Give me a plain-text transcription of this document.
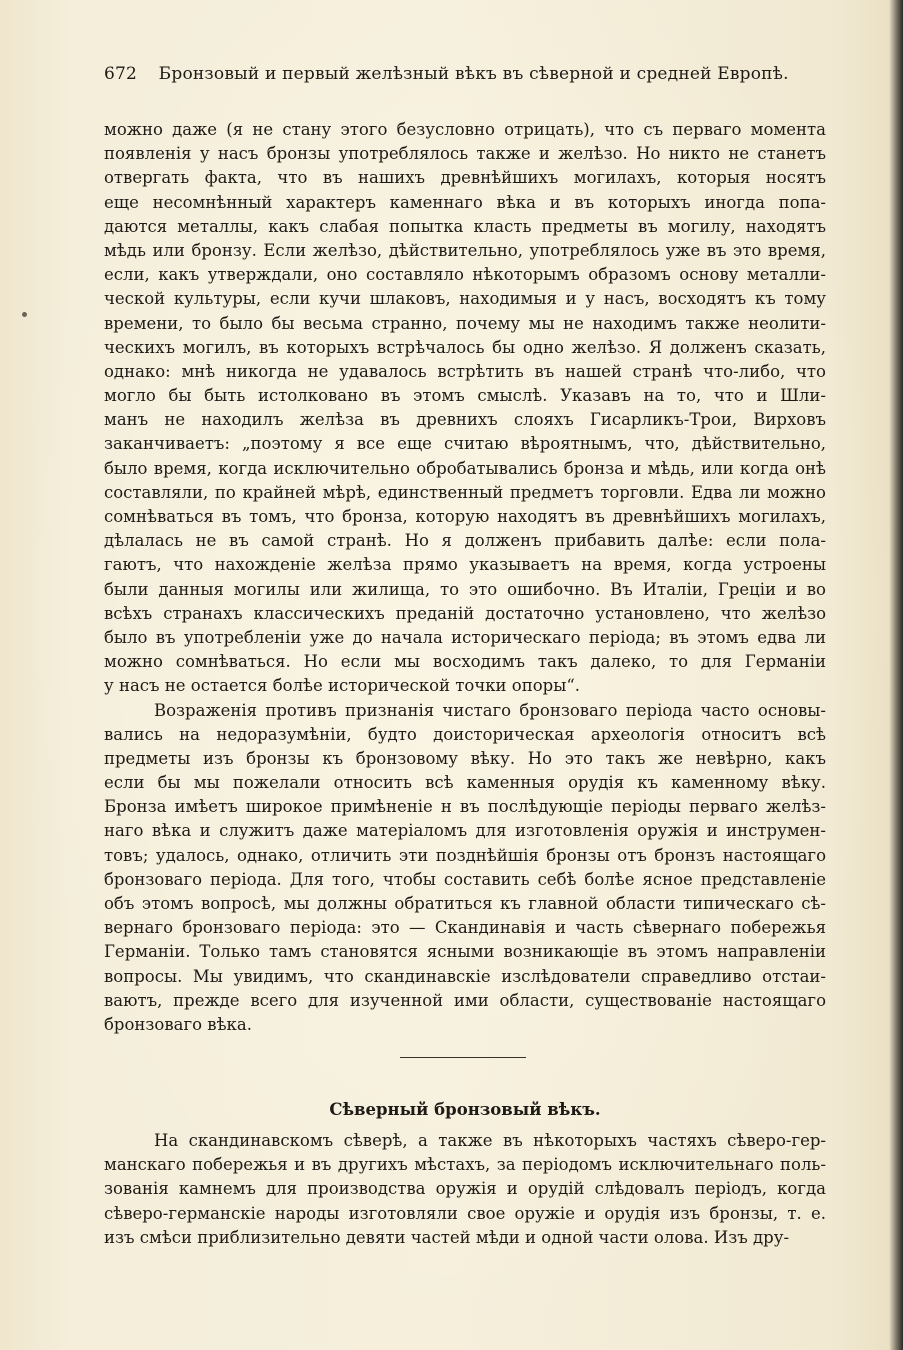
672 Бронзовый и первый желѣзный вѣкъ въ сѣверной и средней Европѣ.
можно даже (я не стану этого безусловно отрицать), что съ перваго момента
появленія у насъ бронзы употреблялось также и желѣзо. Но никто не станетъ
отвергать факта, что въ нашихъ древнѣйшихъ могилахъ, которыя носятъ
еще несомнѣнный характеръ каменнаго вѣка и въ которыхъ иногда попа-
даются металлы, какъ слабая попытка класть предметы въ могилу, находятъ
мѣдь или бронзу. Если желѣзо, дѣйствительно, употреблялось уже въ это время,
если, какъ утверждали, оно составляло нѣкоторымъ образомъ основу металли-
ческой культуры, если кучи шлаковъ, находимыя и у насъ, восходятъ къ тому
времени, то было бы весьма странно, почему мы не находимъ также неолити-
ческихъ могилъ, въ которыхъ встрѣчалось бы одно желѣзо. Я долженъ сказать,
однако: мнѣ никогда не удавалось встрѣтить въ нашей странѣ что-либо, что
могло бы быть истолковано въ этомъ смыслѣ. Указавъ на то, что и Шли-
манъ не находилъ желѣза въ древнихъ слояхъ Гисарликъ-Трои, Вирховъ
заканчиваетъ: „поэтому я все еще считаю вѣроятнымъ, что, дѣйствительно,
было время, когда исключительно обробатывались бронза и мѣдь, или когда онѣ
составляли, по крайней мѣрѣ, единственный предметъ торговли. Едва ли можно
сомнѣваться въ томъ, что бронза, которую находятъ въ древнѣйшихъ могилахъ,
дѣлалась не въ самой странѣ. Но я долженъ прибавить далѣе: если пола-
гаютъ, что нахожденіе желѣза прямо указываетъ на время, когда устроены
были данныя могилы или жилища, то это ошибочно. Въ Италіи, Греціи и во
всѣхъ странахъ классическихъ преданій достаточно установлено, что желѣзо
было въ употребленіи уже до начала историческаго періода; въ этомъ едва ли
можно сомнѣваться. Но если мы восходимъ такъ далеко, то для Германіи
у насъ не остается болѣе исторической точки опоры“.
Возраженія противъ признанія чистаго бронзоваго періода часто основы-
вались на недоразумѣніи, будто доисторическая археологія относитъ всѣ
предметы изъ бронзы къ бронзовому вѣку. Но это такъ же невѣрно, какъ
если бы мы пожелали относить всѣ каменныя орудія къ каменному вѣку.
Бронза имѣетъ широкое примѣненіе н въ послѣдующіе періоды перваго желѣз-
наго вѣка и служитъ даже матеріаломъ для изготовленія оружія и инструмен-
товъ; удалось, однако, отличить эти позднѣйшія бронзы отъ бронзъ настоящаго
бронзоваго періода. Для того, чтобы составить себѣ болѣе ясное представленіе
объ этомъ вопросѣ, мы должны обратиться къ главной области типическаго сѣ-
вернаго бронзоваго періода: это — Скандинавія и часть сѣвернаго побережья
Германіи. Только тамъ становятся ясными возникающіе въ этомъ направленіи
вопросы. Мы увидимъ, что скандинавскіе изслѣдователи справедливо отстаи-
ваютъ, прежде всего для изученной ими области, существованіе настоящаго
бронзоваго вѣка.
Сѣверный бронзовый вѣкъ.
На скандинавскомъ сѣверѣ, а также въ нѣкоторыхъ частяхъ сѣверо-гер-
манскаго побережья и въ другихъ мѣстахъ, за періодомъ исключительнаго поль-
зованія камнемъ для производства оружія и орудій слѣдовалъ періодъ, когда
сѣверо-германскіе народы изготовляли свое оружіе и орудія изъ бронзы, т. е.
изъ смѣси приблизительно девяти частей мѣди и одной части олова. Изъ дру-
